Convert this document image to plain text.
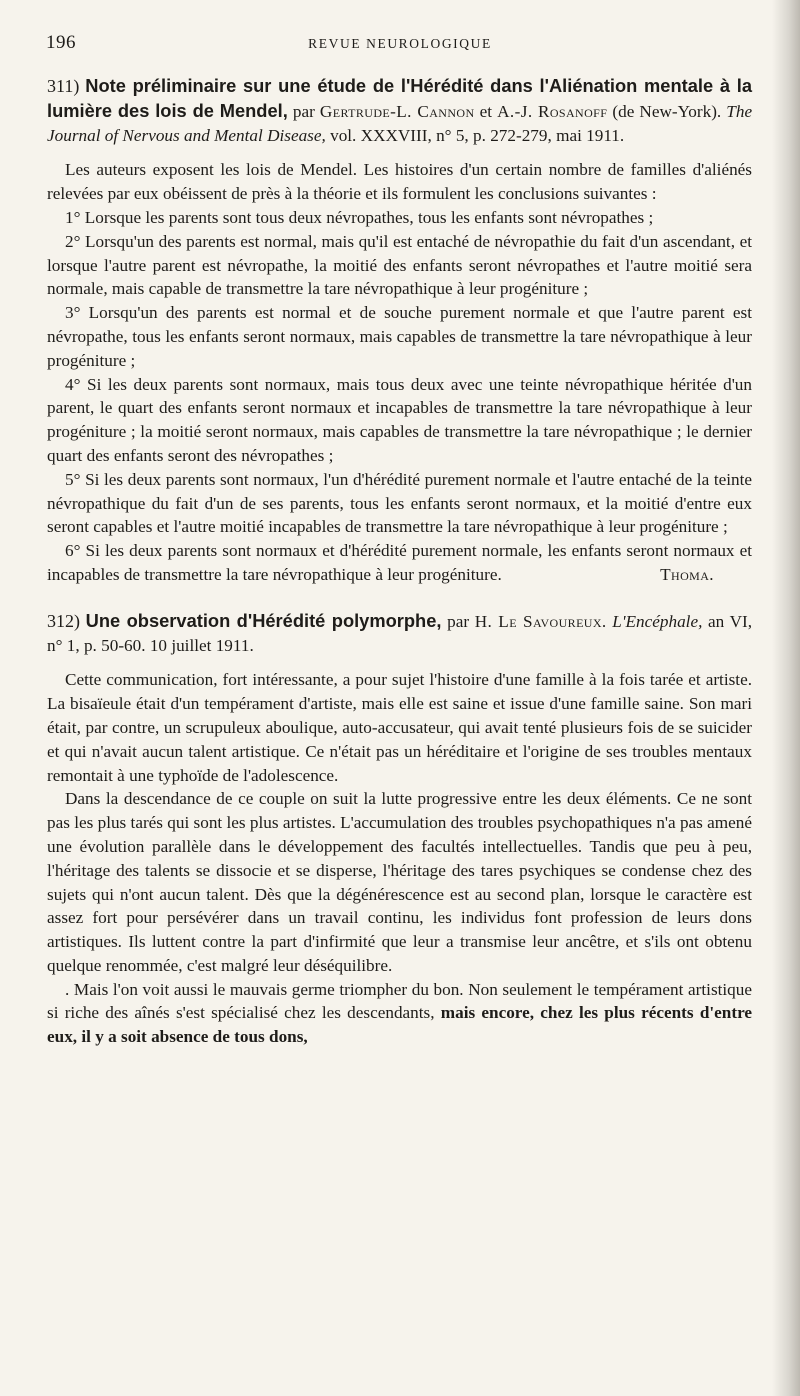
196	REVUE NEUROLOGIQUE

311) Note préliminaire sur une étude de l'Hérédité dans l'Aliénation mentale à la lumière des lois de Mendel, par Gertrude-L. Cannon et A.-J. Rosanoff (de New-York). The Journal of Nervous and Mental Disease, vol. XXXVIII, n° 5, p. 272-279, mai 1911.

Les auteurs exposent les lois de Mendel. Les histoires d'un certain nombre de familles d'aliénés relevées par eux obéissent de près à la théorie et ils formulent les conclusions suivantes :

1° Lorsque les parents sont tous deux névropathes, tous les enfants sont névropathes ;

2° Lorsqu'un des parents est normal, mais qu'il est entaché de névropathie du fait d'un ascendant, et lorsque l'autre parent est névropathe, la moitié des enfants seront névropathes et l'autre moitié sera normale, mais capable de transmettre la tare névropathique à leur progéniture ;

3° Lorsqu'un des parents est normal et de souche purement normale et que l'autre parent est névropathe, tous les enfants seront normaux, mais capables de transmettre la tare névropathique à leur progéniture ;

4° Si les deux parents sont normaux, mais tous deux avec une teinte névropathique héritée d'un parent, le quart des enfants seront normaux et incapables de transmettre la tare névropathique à leur progéniture ; la moitié seront normaux, mais capables de transmettre la tare névropathique ; le dernier quart des enfants seront des névropathes ;

5° Si les deux parents sont normaux, l'un d'hérédité purement normale et l'autre entaché de la teinte névropathique du fait d'un de ses parents, tous les enfants seront normaux, et la moitié d'entre eux seront capables et l'autre moitié incapables de transmettre la tare névropathique à leur progéniture ;

6° Si les deux parents sont normaux et d'hérédité purement normale, les enfants seront normaux et incapables de transmettre la tare névropathique à leur progéniture.	Thoma.

312) Une observation d'Hérédité polymorphe, par H. Le Savoureux. L'Encéphale, an VI, n° 1, p. 50-60. 10 juillet 1911.

Cette communication, fort intéressante, a pour sujet l'histoire d'une famille à la fois tarée et artiste. La bisaïeule était d'un tempérament d'artiste, mais elle est saine et issue d'une famille saine. Son mari était, par contre, un scrupuleux aboulique, auto-accusateur, qui avait tenté plusieurs fois de se suicider et qui n'avait aucun talent artistique. Ce n'était pas un héréditaire et l'origine de ses troubles mentaux remontait à une typhoïde de l'adolescence.

Dans la descendance de ce couple on suit la lutte progressive entre les deux éléments. Ce ne sont pas les plus tarés qui sont les plus artistes. L'accumulation des troubles psychopathiques n'a pas amené une évolution parallèle dans le développement des facultés intellectuelles. Tandis que peu à peu, l'héritage des talents se dissocie et se disperse, l'héritage des tares psychiques se condense chez des sujets qui n'ont aucun talent. Dès que la dégénérescence est au second plan, lorsque le caractère est assez fort pour persévérer dans un travail continu, les individus font profession de leurs dons artistiques. Ils luttent contre la part d'infirmité que leur a transmise leur ancêtre, et s'ils ont obtenu quelque renommée, c'est malgré leur déséquilibre.

. Mais l'on voit aussi le mauvais germe triompher du bon. Non seulement le tempérament artistique si riche des aînés s'est spécialisé chez les descendants, mais encore, chez les plus récents d'entre eux, il y a soit absence de tous dons,
